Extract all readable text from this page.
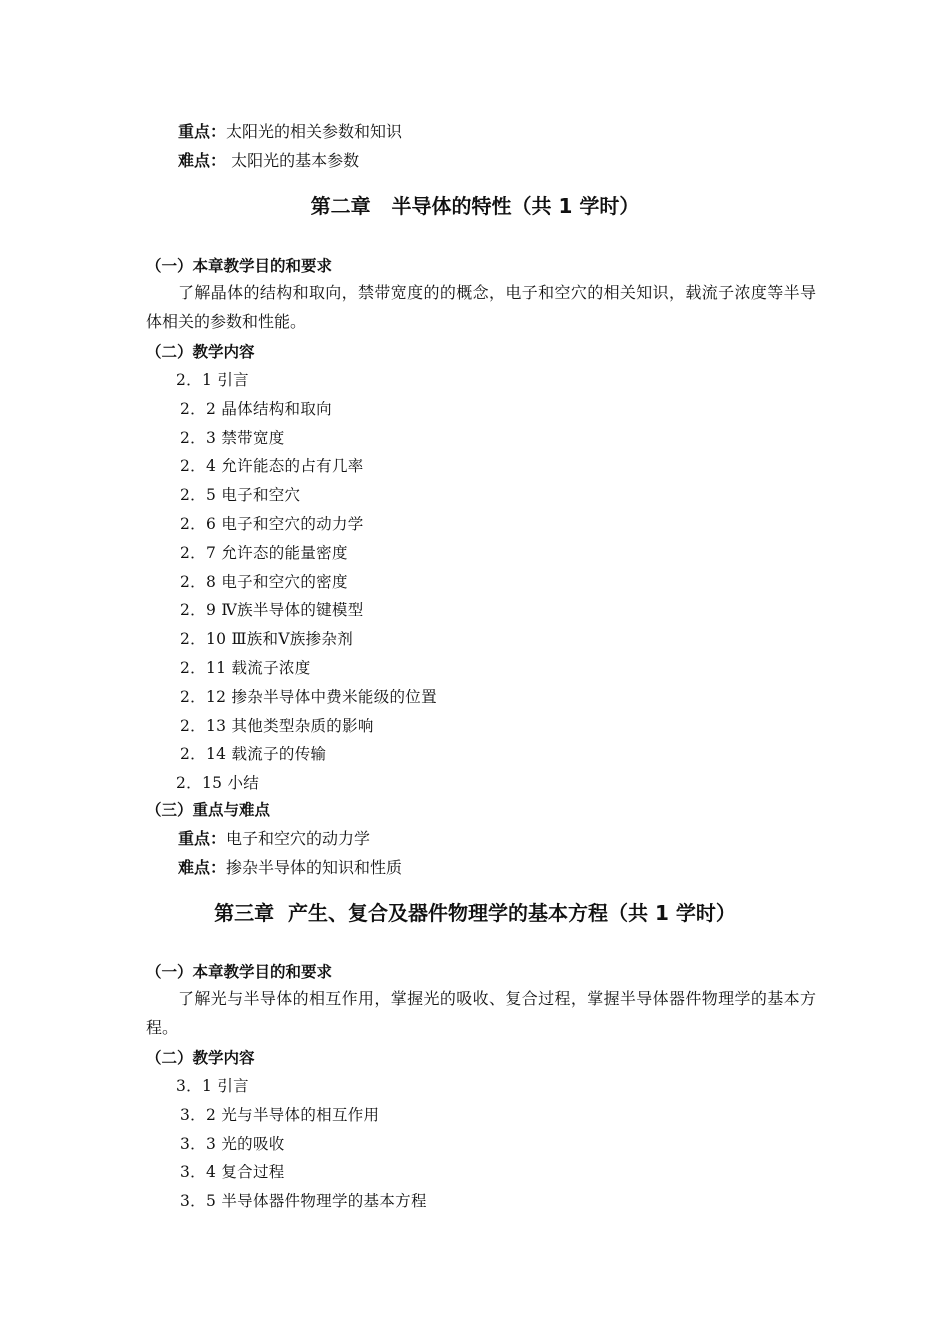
重点：太阳光的相关参数和知识
难点： 太阳光的基本参数
第二章   半导体的特性（共 1 学时）
（一）本章教学目的和要求
了解晶体的结构和取向，禁带宽度的的概念，电子和空穴的相关知识，载流子浓度等半导体相关的参数和性能。
（二）教学内容
2．1 引言
2．2 晶体结构和取向
2．3 禁带宽度
2．4 允许能态的占有几率
2．5 电子和空穴
2．6 电子和空穴的动力学
2．7 允许态的能量密度
2．8 电子和空穴的密度
2．9 Ⅳ族半导体的键模型
2．10 Ⅲ族和Ⅴ族掺杂剂
2．11 载流子浓度
2．12 掺杂半导体中费米能级的位置
2．13 其他类型杂质的影响
2．14 载流子的传输
2．15 小结
（三）重点与难点
重点：电子和空穴的动力学
难点：掺杂半导体的知识和性质
第三章  产生、复合及器件物理学的基本方程（共 1 学时）
（一）本章教学目的和要求
了解光与半导体的相互作用，掌握光的吸收、复合过程，掌握半导体器件物理学的基本方程。
（二）教学内容
3．1 引言
3．2 光与半导体的相互作用
3．3 光的吸收
3．4 复合过程
3．5 半导体器件物理学的基本方程
